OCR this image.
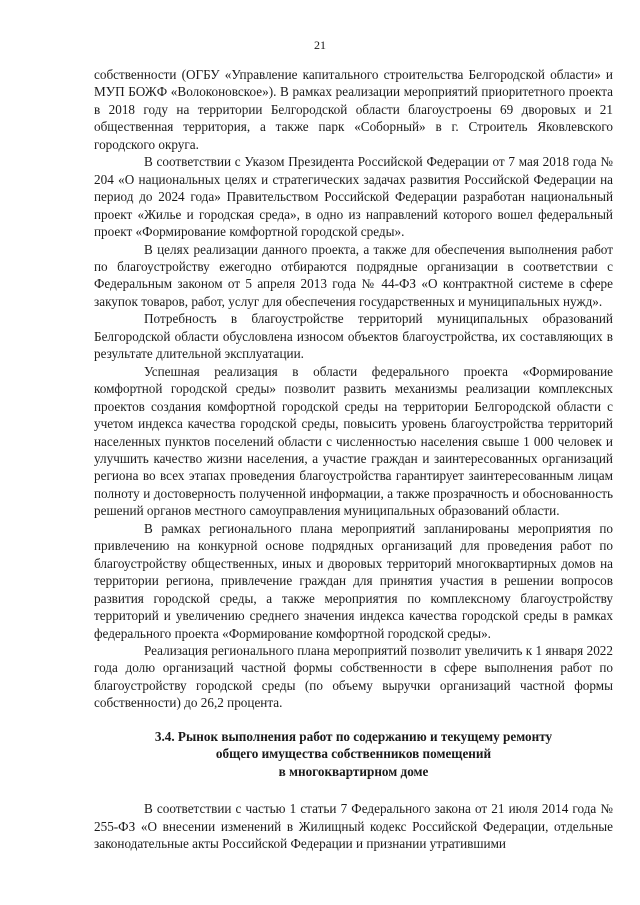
21

собственности (ОГБУ «Управление капитального строительства Белгородской области» и МУП БОЖФ «Волоконовское»). В рамках реализации мероприятий приоритетного проекта в 2018 году на территории Белгородской области благоустроены 69 дворовых и 21 общественная территория, а также парк «Соборный» в г. Строитель Яковлевского городского округа.

В соответствии с Указом Президента Российской Федерации от 7 мая 2018 года № 204 «О национальных целях и стратегических задачах развития Российской Федерации на период до 2024 года» Правительством Российской Федерации разработан национальный проект «Жилье и городская среда», в одно из направлений которого вошел федеральный проект «Формирование комфортной городской среды».

В целях реализации данного проекта, а также для обеспечения выполнения работ по благоустройству ежегодно отбираются подрядные организации в соответствии с Федеральным законом от 5 апреля 2013 года № 44-ФЗ «О контрактной системе в сфере закупок товаров, работ, услуг для обеспечения государственных и муниципальных нужд».

Потребность в благоустройстве территорий муниципальных образований Белгородской области обусловлена износом объектов благоустройства, их составляющих в результате длительной эксплуатации.

Успешная реализация в области федерального проекта «Формирование комфортной городской среды» позволит развить механизмы реализации комплексных проектов создания комфортной городской среды на территории Белгородской области с учетом индекса качества городской среды, повысить уровень благоустройства территорий населенных пунктов поселений области с численностью населения свыше 1 000 человек и улучшить качество жизни населения, а участие граждан и заинтересованных организаций региона во всех этапах проведения благоустройства гарантирует заинтересованным лицам полноту и достоверность полученной информации, а также прозрачность и обоснованность решений органов местного самоуправления муниципальных образований области.

В рамках регионального плана мероприятий запланированы мероприятия по привлечению на конкурной основе подрядных организаций для проведения работ по благоустройству общественных, иных и дворовых территорий многоквартирных домов на территории региона, привлечение граждан для принятия участия в решении вопросов развития городской среды, а также мероприятия по комплексному благоустройству территорий и увеличению среднего значения индекса качества городской среды в рамках федерального проекта «Формирование комфортной городской среды».

Реализация регионального плана мероприятий позволит увеличить к 1 января 2022 года долю организаций частной формы собственности в сфере выполнения работ по благоустройству городской среды (по объему выручки организаций частной формы собственности) до 26,2 процента.

3.4. Рынок выполнения работ по содержанию и текущему ремонту
общего имущества собственников помещений
в многоквартирном доме

В соответствии с частью 1 статьи 7 Федерального закона от 21 июля 2014 года № 255-ФЗ «О внесении изменений в Жилищный кодекс Российской Федерации, отдельные законодательные акты Российской Федерации и признании утратившими
